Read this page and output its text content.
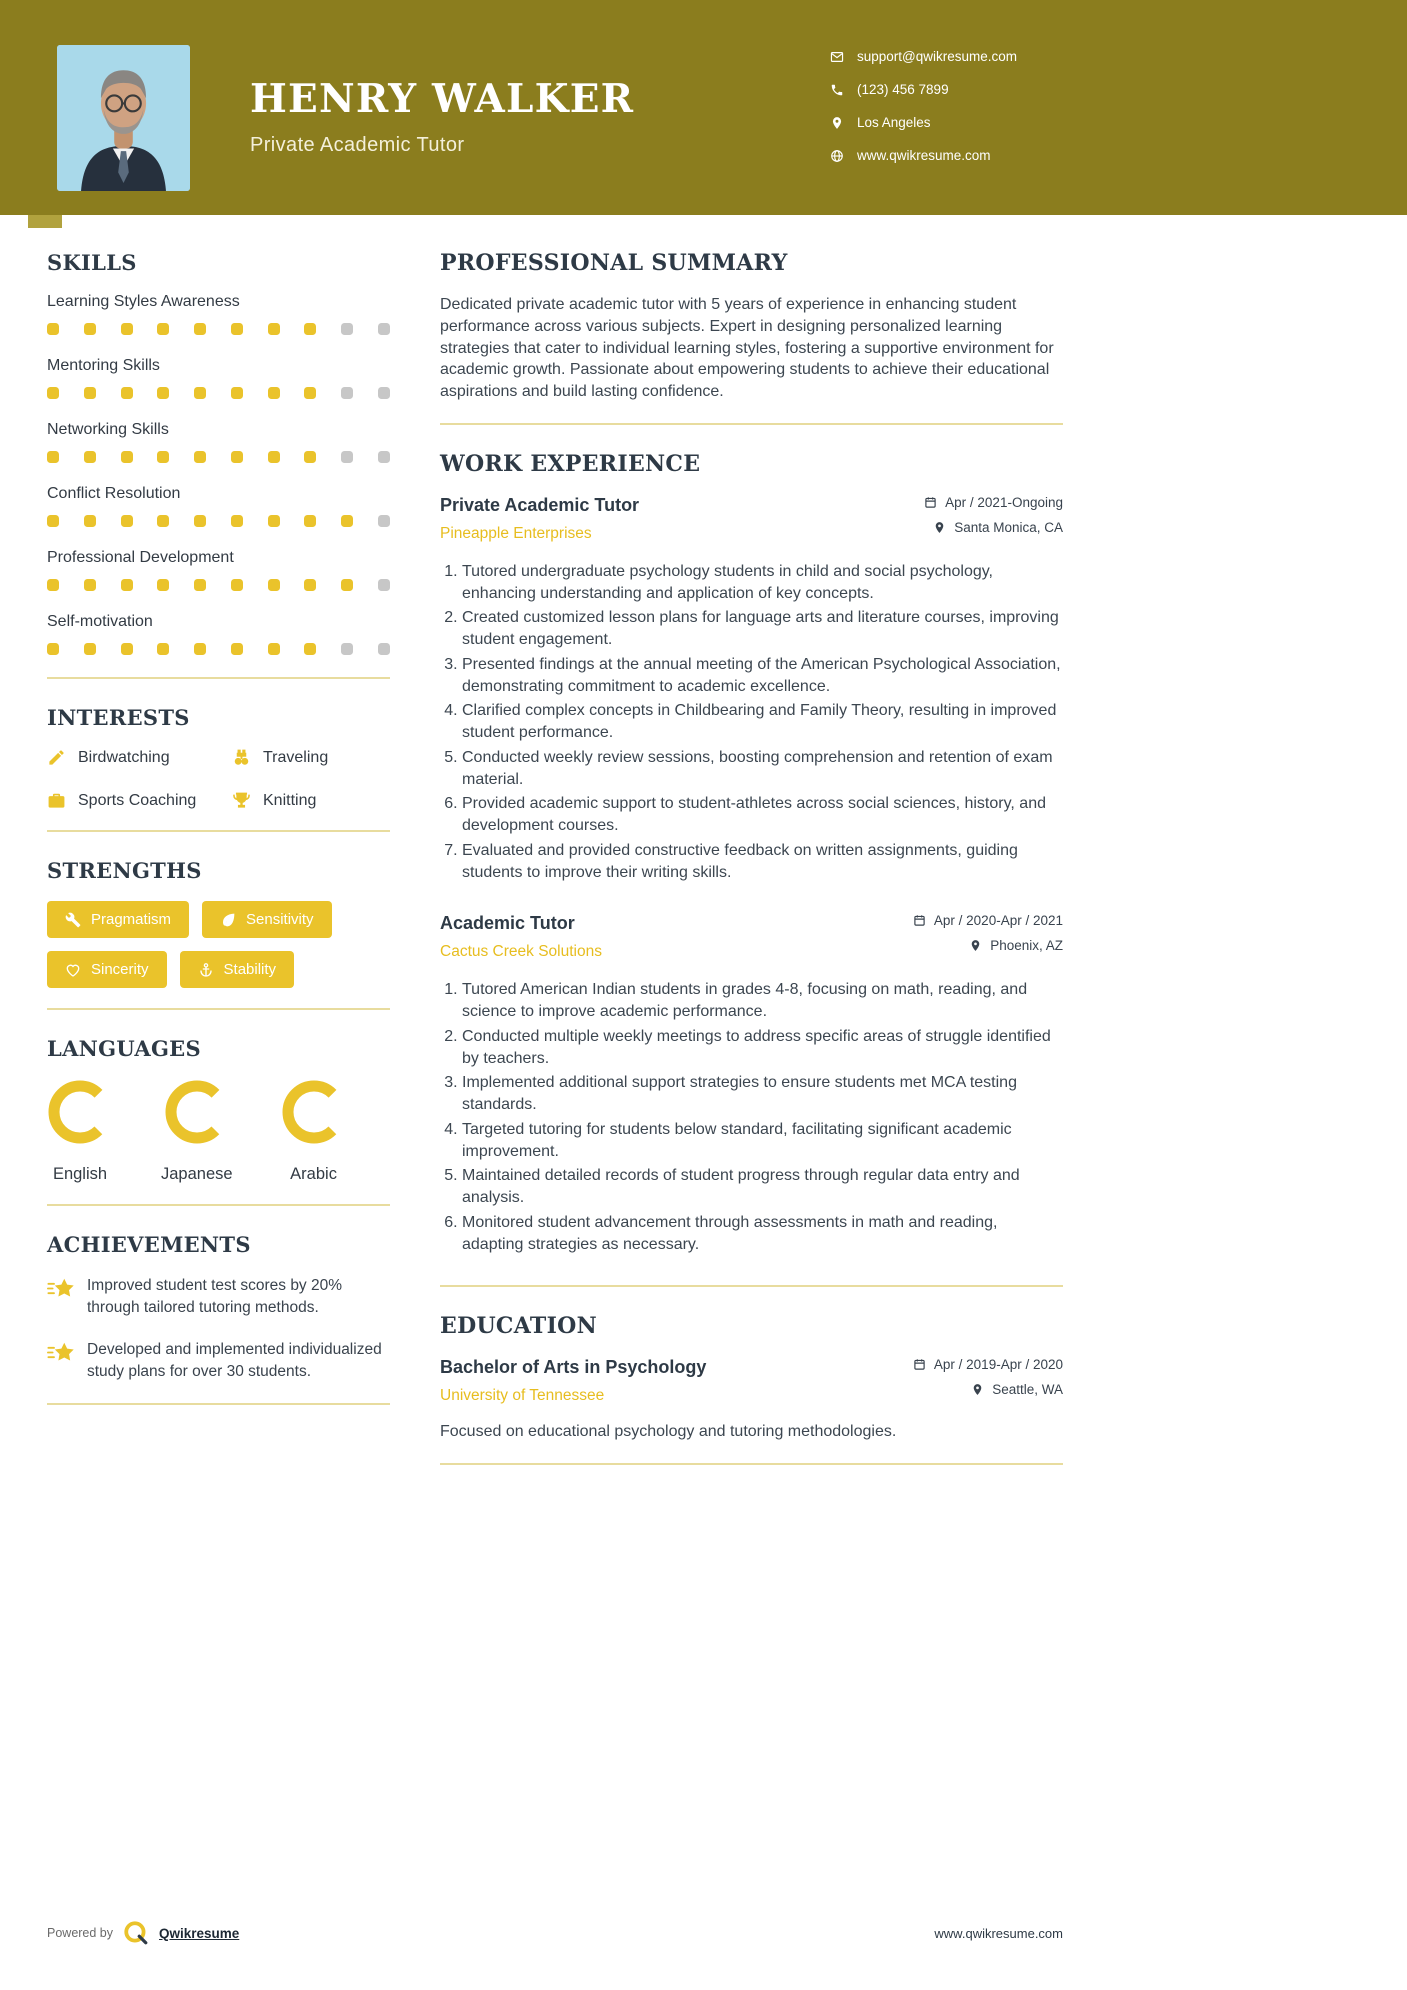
HENRY WALKER
Private Academic Tutor
support@qwikresume.com
(123) 456 7899
Los Angeles
www.qwikresume.com
SKILLS
Learning Styles Awareness
Mentoring Skills
Networking Skills
Conflict Resolution
Professional Development
Self-motivation
INTERESTS
Birdwatching	Traveling
Sports Coaching	Knitting
STRENGTHS
Pragmatism	Sensitivity
Sincerity	Stability
LANGUAGES
English	Japanese	Arabic
ACHIEVEMENTS
Improved student test scores by 20% through tailored tutoring methods.
Developed and implemented individualized study plans for over 30 students.
PROFESSIONAL SUMMARY

Dedicated private academic tutor with 5 years of experience in enhancing student performance across various subjects. Expert in designing personalized learning strategies that cater to individual learning styles, fostering a supportive environment for academic growth. Passionate about empowering students to achieve their educational aspirations and build lasting confidence.

WORK EXPERIENCE
Private Academic Tutor
Pineapple Enterprises
Apr / 2021-Ongoing
Santa Monica, CA
1. Tutored undergraduate psychology students in child and social psychology, enhancing understanding and application of key concepts.
2. Created customized lesson plans for language arts and literature courses, improving student engagement.
3. Presented findings at the annual meeting of the American Psychological Association, demonstrating commitment to academic excellence.
4. Clarified complex concepts in Childbearing and Family Theory, resulting in improved student performance.
5. Conducted weekly review sessions, boosting comprehension and retention of exam material.
6. Provided academic support to student-athletes across social sciences, history, and development courses.
7. Evaluated and provided constructive feedback on written assignments, guiding students to improve their writing skills.
Academic Tutor
Cactus Creek Solutions
Apr / 2020-Apr / 2021
Phoenix, AZ
1. Tutored American Indian students in grades 4-8, focusing on math, reading, and science to improve academic performance.
2. Conducted multiple weekly meetings to address specific areas of struggle identified by teachers.
3. Implemented additional support strategies to ensure students met MCA testing standards.
4. Targeted tutoring for students below standard, facilitating significant academic improvement.
5. Maintained detailed records of student progress through regular data entry and analysis.
6. Monitored student advancement through assessments in math and reading, adapting strategies as necessary.
EDUCATION
Bachelor of Arts in Psychology
University of Tennessee
Apr / 2019-Apr / 2020
Seattle, WA

Focused on educational psychology and tutoring methodologies.

Powered by	Qwikresume	www.qwikresume.com
